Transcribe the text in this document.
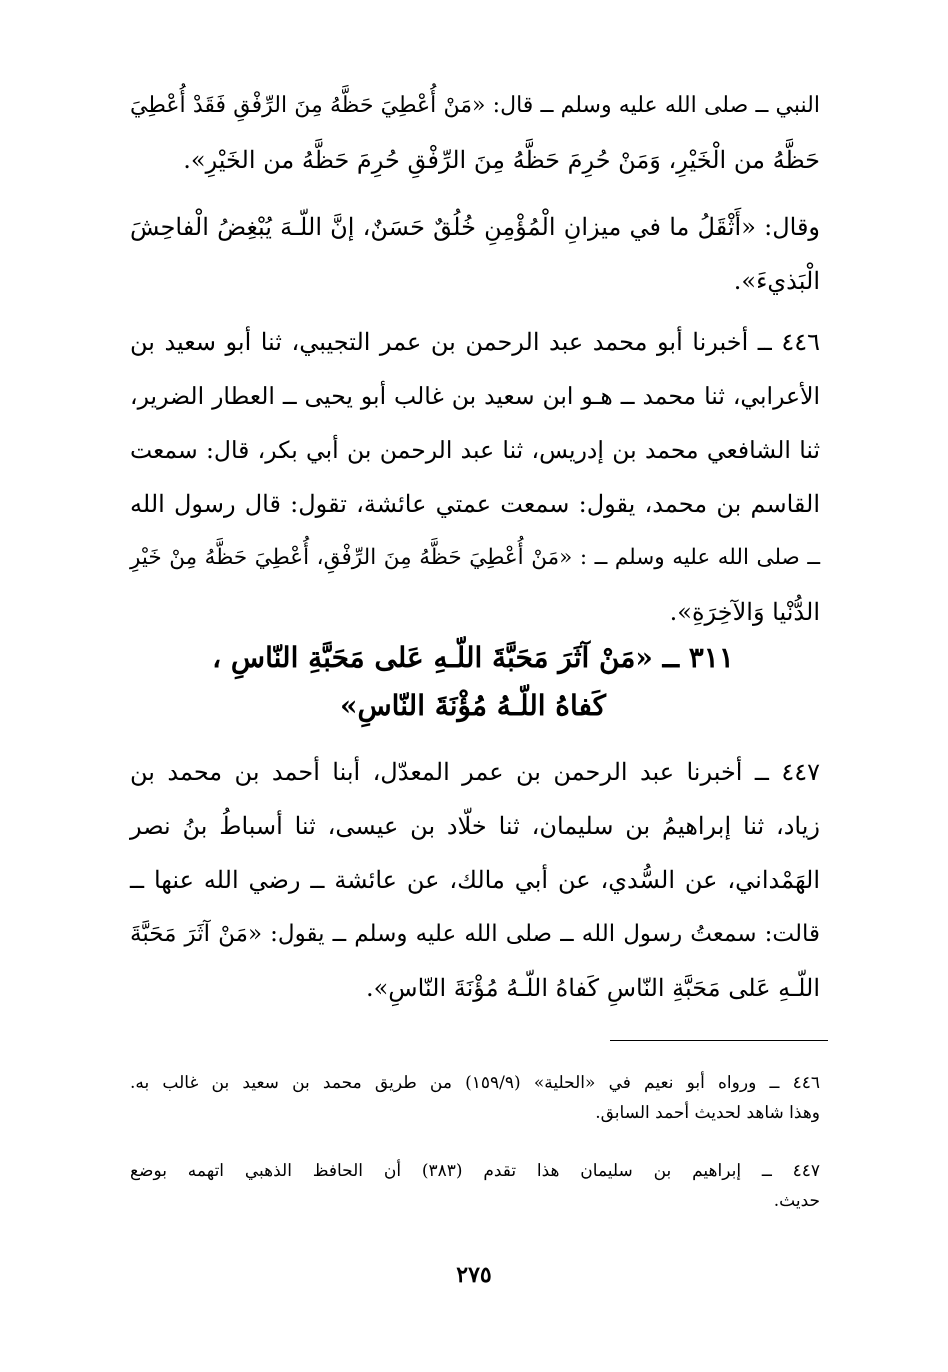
النبي ــ صلى الله عليه وسلم ــ قال: «مَنْ أُعْطِيَ حَظَّهُ مِنَ الرِّفْقِ فَقَدْ أُعْطِيَ
حَظَّهُ من الْخَيْرِ، وَمَنْ حُرِمَ حَظَّهُ مِنَ الرِّفْقِ حُرِمَ حَظَّهُ من الخَيْرِ».
وقال: «أَثْقَلُ ما في ميزانِ الْمُؤْمِنِ خُلُقٌ حَسَنٌ، إنَّ اللّـهَ يُبْغِضُ الْفاحِشَ
الْبَذيءَ».
٤٤٦ ــ أخبرنا أبو محمد عبد الرحمن بن عمر التجيبي، ثنا أبو سعيد بن
الأعرابي، ثنا محمد ــ هـو ابن سعيد بن غالب أبو يحيى ــ العطار الضرير،
ثنا الشافعي محمد بن إدريس، ثنا عبد الرحمن بن أبي بكر، قال: سمعت
القاسم بن محمد، يقول: سمعت عمتي عائشة، تقول: قال رسول الله
ــ صلى الله عليه وسلم ــ : «مَنْ أُعْطِيَ حَظَّهُ مِنَ الرِّفْقِ، أُعْطِيَ حَظَّهُ مِنْ خَيْرِ
الدُّنْيا وَالآخِرَةِ».
٣١١ ــ «مَنْ آثَرَ مَحَبَّةَ اللّـهِ عَلى مَحَبَّةِ النّاسِ ،
كَفاهُ اللّـهُ مُؤْنَةَ النّاسِ»
٤٤٧ ــ أخبرنا عبد الرحمن بن عمر المعدّل، أبنا أحمد بن محمد بن
زياد، ثنا إبراهيمُ بن سليمان، ثنا خلّاد بن عيسى، ثنا أسباطُ بنُ نصر
الهَمْداني، عن السُّدي، عن أبي مالك، عن عائشة ــ رضي الله عنها ــ
قالت: سمعتُ رسول الله ــ صلى الله عليه وسلم ــ يقول: «مَنْ آثَرَ مَحَبَّةَ
اللّـهِ عَلى مَحَبَّةِ النّاسِ كَفاهُ اللّـهُ مُؤْنَةَ النّاسِ».
٤٤٦ ــ ورواه أبو نعيم في «الحلية» (١٥٩/٩) من طريق محمد بن سعيد بن غالب به.
وهذا شاهد لحديث أحمد السابق.
٤٤٧ ــ إبراهيم بن سليمان هذا تقدم (٣٨٣) أن الحافظ الذهبي اتهمه بوضع
حديث.
٢٧٥
